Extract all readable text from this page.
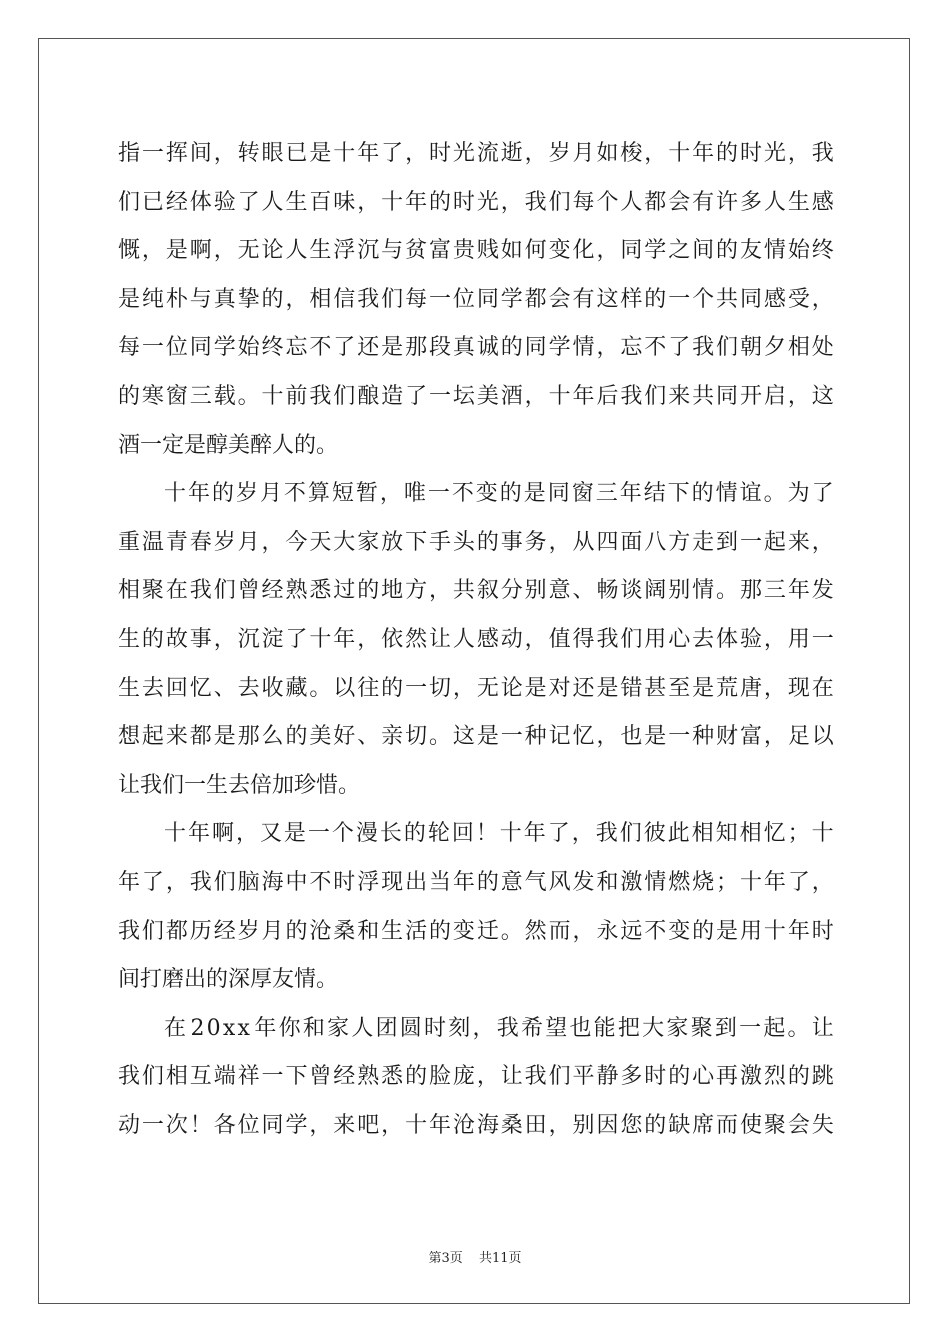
指 一 挥 间 ， 转 眼 已 是 十 年 了 ， 时 光 流 逝 ， 岁 月 如 梭 ， 十 年 的 时 光 ， 我
们 已 经 体 验 了 人 生 百 味 ， 十 年 的 时 光 ， 我 们 每 个 人 都 会 有 许 多 人 生 感
慨 ， 是 啊 ， 无 论 人 生 浮 沉 与 贫 富 贵 贱 如 何 变 化 ， 同 学 之 间 的 友 情 始 终
是 纯 朴 与 真 挚 的 ， 相 信 我 们 每 一 位 同 学 都 会 有 这 样 的 一 个 共 同 感 受 ，
每 一 位 同 学 始 终 忘 不 了 还 是 那 段 真 诚 的 同 学 情 ， 忘 不 了 我 们 朝 夕 相 处
的 寒 窗 三 载 。 十 前 我 们 酿 造 了 一 坛 美 酒 ， 十 年 后 我 们 来 共 同 开 启 ， 这
酒一定是醇美醉人的。
十 年 的 岁 月 不 算 短 暂 ， 唯 一 不 变 的 是 同 窗 三 年 结 下 的 情 谊 。 为 了
重 温 青 春 岁 月 ， 今 天 大 家 放 下 手 头 的 事 务 ， 从 四 面 八 方 走 到 一 起 来 ，
相 聚 在 我 们 曾 经 熟 悉 过 的 地 方 ， 共 叙 分 别 意 、 畅 谈 阔 别 情 。 那 三 年 发
生 的 故 事 ， 沉 淀 了 十 年 ， 依 然 让 人 感 动 ， 值 得 我 们 用 心 去 体 验 ， 用 一
生 去 回 忆 、 去 收 藏 。 以 往 的 一 切 ， 无 论 是 对 还 是 错 甚 至 是 荒 唐 ， 现 在
想 起 来 都 是 那 么 的 美 好 、 亲 切 。 这 是 一 种 记 忆 ， 也 是 一 种 财 富 ， 足 以
让我们一生去倍加珍惜。
十 年 啊 ， 又 是 一 个 漫 长 的 轮 回 ！ 十 年 了 ， 我 们 彼 此 相 知 相 忆 ； 十
年 了 ， 我 们 脑 海 中 不 时 浮 现 出 当 年 的 意 气 风 发 和 激 情 燃 烧 ； 十 年 了 ，
我 们 都 历 经 岁 月 的 沧 桑 和 生 活 的 变 迁 。 然 而 ， 永 远 不 变 的 是 用 十 年 时
间打磨出的深厚友情。
在 2 0 x x 年 你 和 家 人 团 圆 时 刻 ， 我 希 望 也 能 把 大 家 聚 到 一 起 。 让
我 们 相 互 端 祥 一 下 曾 经 熟 悉 的 脸 庞 ， 让 我 们 平 静 多 时 的 心 再 激 烈 的 跳
动 一 次 ！ 各 位 同 学 ， 来 吧 ， 十 年 沧 海 桑 田 ， 别 因 您 的 缺 席 而 使 聚 会 失
第3页 共11页
